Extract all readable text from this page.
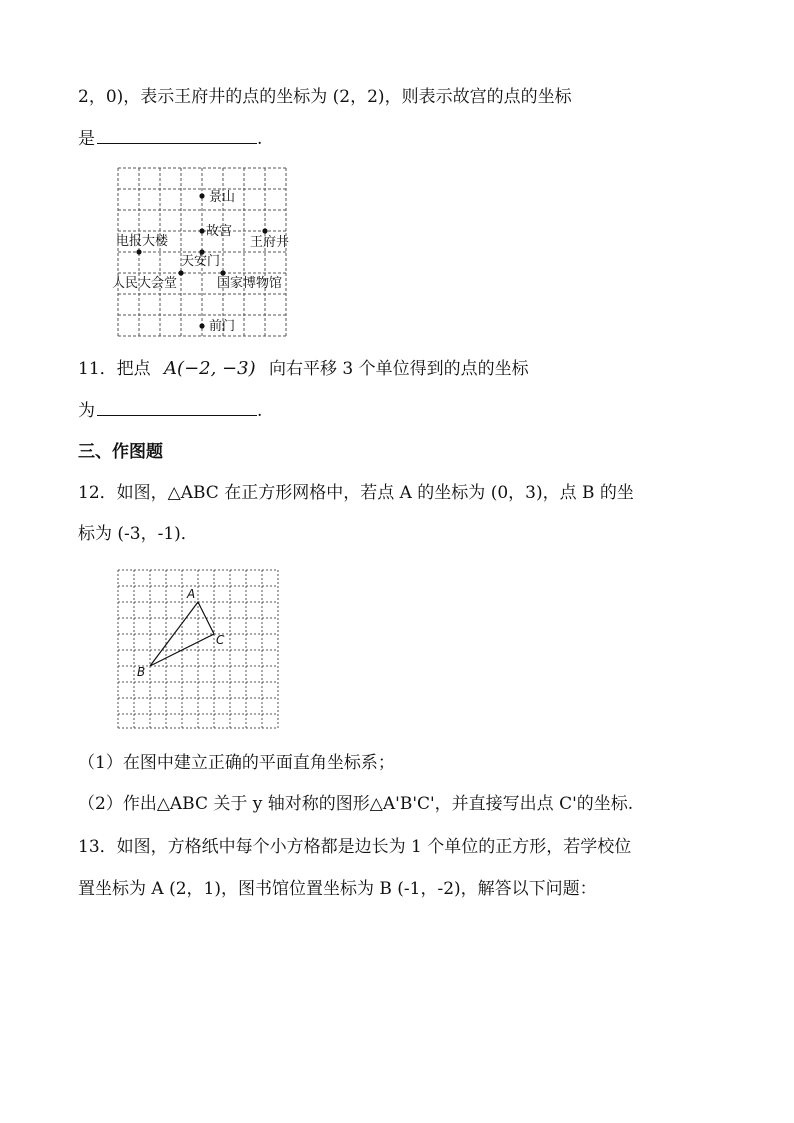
2，0)，表示王府井的点的坐标为 (2，2)，则表示故宫的点的坐标
是	.
景山
故宫
电报大楼	王府井
天安门
人民大会堂	国家博物馆
前门
11．把点 A(−2, −3) 向右平移 3 个单位得到的点的坐标
为	.
三、作图题
12．如图，△ABC 在正方形网格中，若点 A 的坐标为 (0，3)，点 B 的坐
标为 (-3，-1)．
A
C
B
（1）在图中建立正确的平面直角坐标系；
（2）作出△ABC 关于 y 轴对称的图形△A'B'C'，并直接写出点 C'的坐标.
13．如图，方格纸中每个小方格都是边长为 1 个单位的正方形，若学校位
置坐标为 A (2，1)，图书馆位置坐标为 B (-1，-2)，解答以下问题：
